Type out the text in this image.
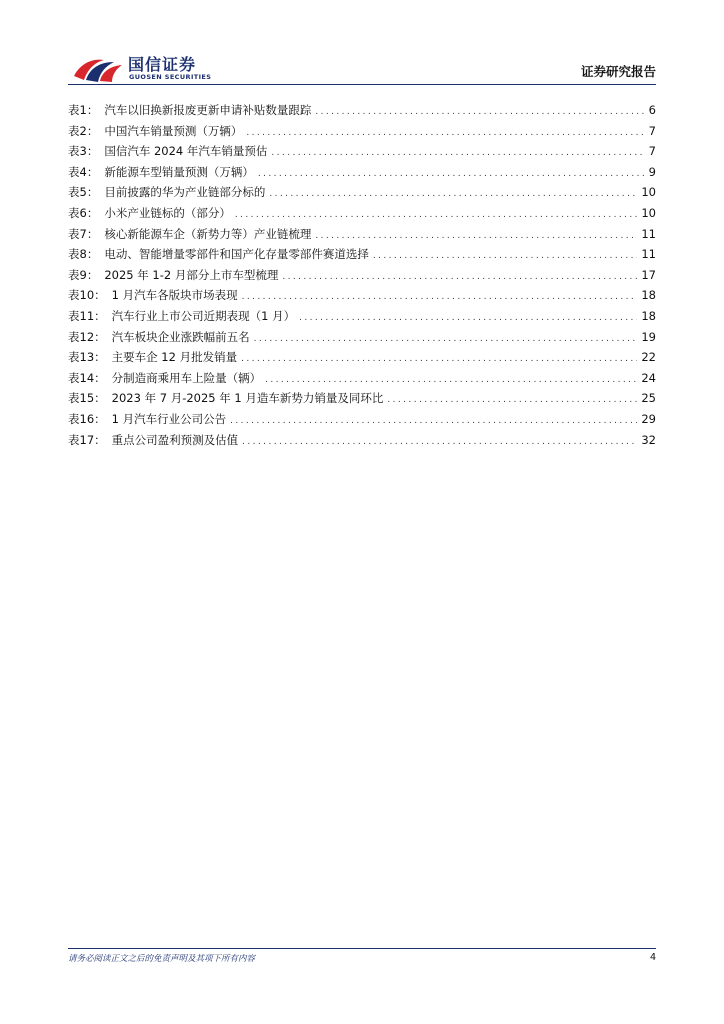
国信证券
GUOSEN SECURITIES	证券研究报告
表1： 汽车以旧换新报废更新申请补贴数量跟踪 .....	6
表2： 中国汽车销量预测（万辆） .....	7
表3： 国信汽车 2024 年汽车销量预估 .....	7
表4： 新能源车型销量预测（万辆） .....	9
表5： 目前披露的华为产业链部分标的 .....	10
表6： 小米产业链标的（部分） .....	10
表7： 核心新能源车企（新势力等）产业链梳理 .....	11
表8： 电动、智能增量零部件和国产化存量零部件赛道选择 .....	11
表9： 2025 年 1-2 月部分上市车型梳理 .....	17
表10： 1 月汽车各版块市场表现 .....	18
表11： 汽车行业上市公司近期表现（1 月） .....	18
表12： 汽车板块企业涨跌幅前五名 .....	19
表13： 主要车企 12 月批发销量 .....	22
表14： 分制造商乘用车上险量（辆） .....	24
表15： 2023 年 7 月-2025 年 1 月造车新势力销量及同环比 .....	25
表16： 1 月汽车行业公司公告 .....	29
表17： 重点公司盈利预测及估值 .....	32
请务必阅读正文之后的免责声明及其项下所有内容	4
